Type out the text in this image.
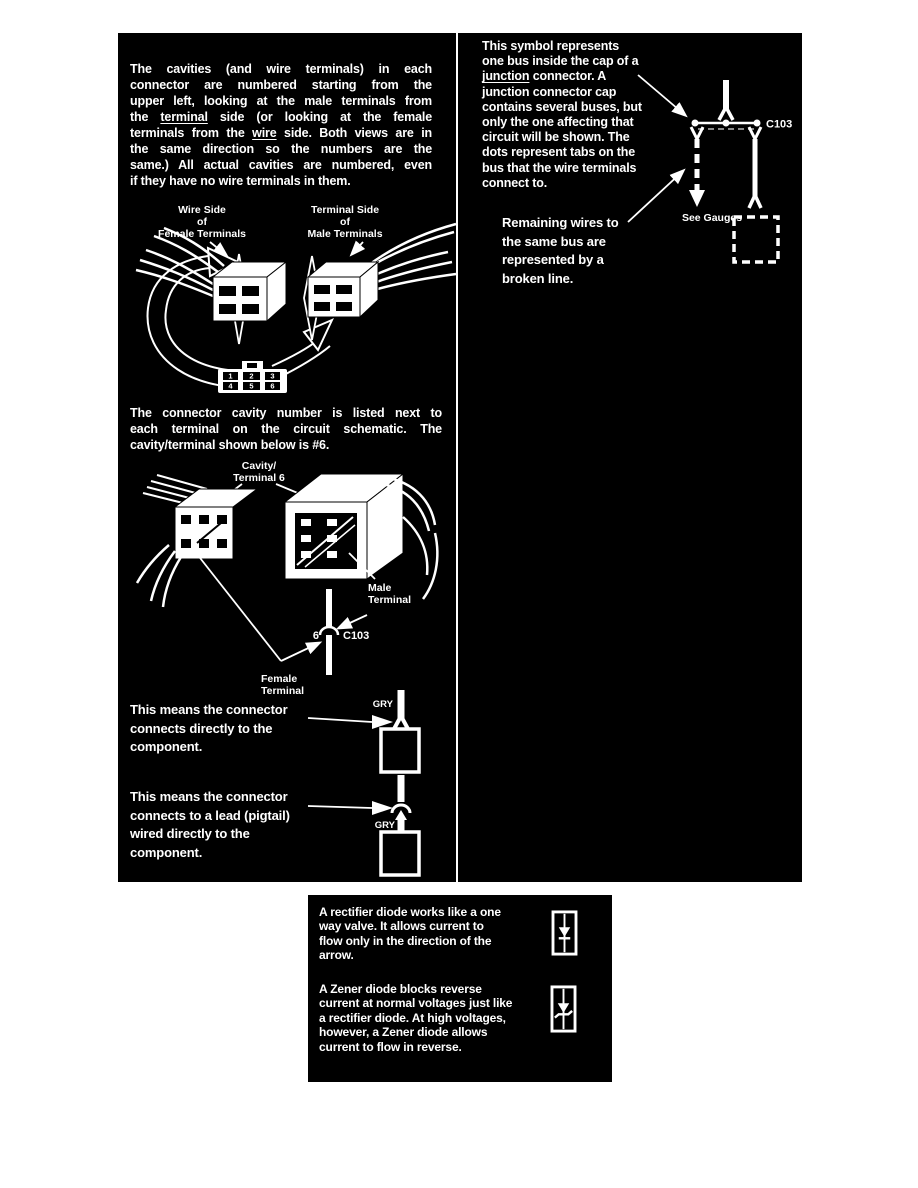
The cavities (and wire terminals) in each
connector are numbered starting from the
upper left, looking at the male terminals from
the terminal side (or looking at the female
terminals from the wire side. Both views are in
the same direction so the numbers are the
same.) All actual cavities are numbered, even
if they have no wire terminals in them.
Wire Side
of
Female Terminals
Terminal Side
of
Male Terminals
1 2 3
4 5 6
The connector cavity number is listed next to
each terminal on the circuit schematic. The
cavity/terminal shown below is #6.
Cavity/
Terminal 6
6 C103
Male
Terminal
Female
Terminal
This means the connector
connects directly to the
component.
GRY
This means the connector
connects to a lead (pigtail)
wired directly to the
component.
GRY
This symbol represents
one bus inside the cap of a
junction connector. A
junction connector cap
contains several buses, but
only the one affecting that
circuit will be shown. The
dots represent tabs on the
bus that the wire terminals
connect to.
Remaining wires to
the same bus are
represented by a
broken line.
C103
See Gauges
A rectifier diode works like a one
way valve. It allows current to
flow only in the direction of the
arrow.
A Zener diode blocks reverse
current at normal voltages just like
a rectifier diode. At high voltages,
however, a Zener diode allows
current to flow in reverse.
